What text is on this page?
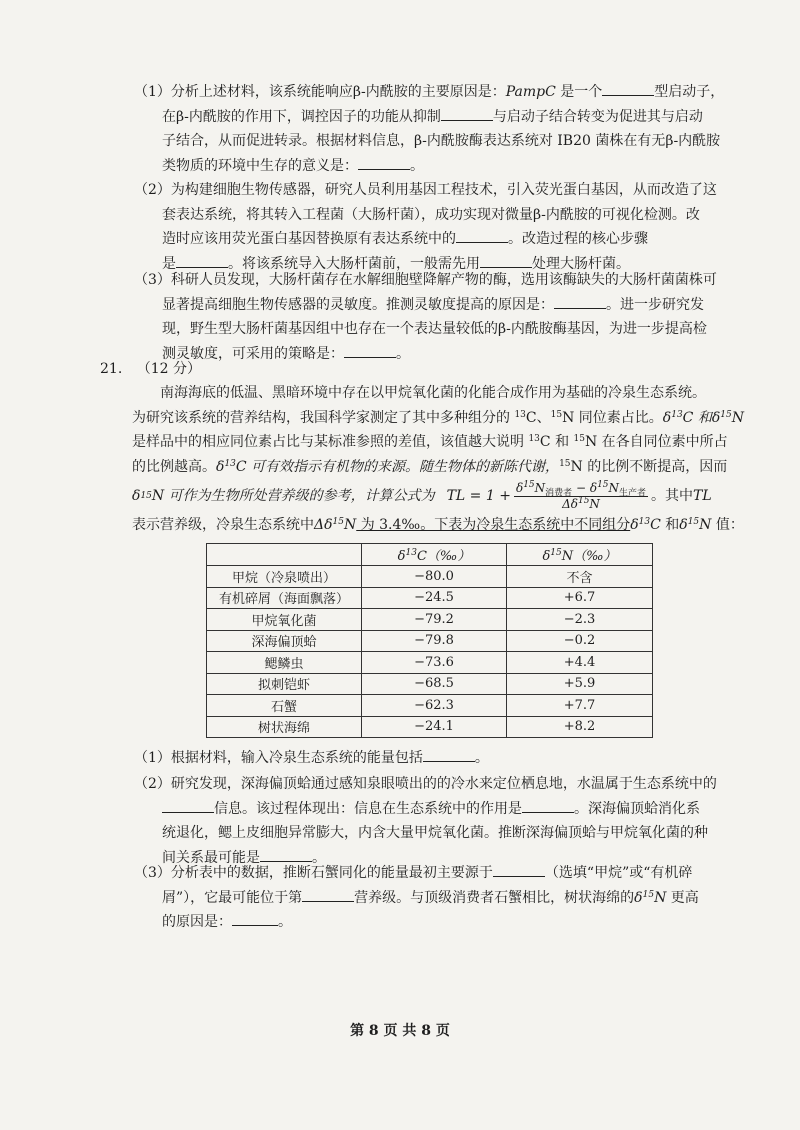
（1）分析上述材料，该系统能响应β-内酰胺的主要原因是：PampC 是一个	型启动子，
在β-内酰胺的作用下，调控因子的功能从抑制	与启动子结合转变为促进其与启动
子结合，从而促进转录。根据材料信息，β-内酰胺酶表达系统对 IB20 菌株在有无β-内酰胺
类物质的环境中生存的意义是：	。
（2）为构建细胞生物传感器，研究人员利用基因工程技术，引入荧光蛋白基因，从而改造了这
套表达系统，将其转入工程菌（大肠杆菌），成功实现对微量β-内酰胺的可视化检测。改
造时应该用荧光蛋白基因替换原有表达系统中的	。改造过程的核心步骤
是	。将该系统导入大肠杆菌前，一般需先用	处理大肠杆菌。
（3）科研人员发现，大肠杆菌存在水解细胞壁降解产物的酶，选用该酶缺失的大肠杆菌菌株可
显著提高细胞生物传感器的灵敏度。推测灵敏度提高的原因是：	。进一步研究发
现，野生型大肠杆菌基因组中也存在一个表达量较低的β-内酰胺酶基因，为进一步提高检
测灵敏度，可采用的策略是：	。
21. （12 分）
南海海底的低温、黑暗环境中存在以甲烷氧化菌的化能合成作用为基础的冷泉生态系统。
为研究该系统的营养结构，我国科学家测定了其中多种组分的 $^{13}$C、$^{15}$N 同位素占比。$\delta^{13}C$ 和$\delta^{15}N$
是样品中的相应同位素占比与某标准参照的差值，该值越大说明 $^{13}$C 和 $^{15}$N 在各自同位素中所占
的比例越高。$\delta^{13}C$ 可有效指示有机物的来源。随生物体的新陈代谢，$^{15}$N 的比例不断提高，因而
δ 15 N 可作为生物所处营养级的参考，计算公式为 TL = $1 + \frac{\delta^{15}N_{消费者} - \delta^{15}N_{生产者}}{\Delta\delta^{15}N}$ 。其中 TL
表示营养级，冷泉生态系统中$\Delta\delta^{15}N$ 为 3.4‰。下表为冷泉生态系统中不同组分$\delta^{13}C$ 和$\delta^{15}N$ 值：
	$\delta^{13}C(‰)$	$\delta^{15}N(‰)$
甲烷（冷泉喷出）	−80.0	不含
有机碎屑（海面飘落）	−24.5	+6.7
甲烷氧化菌	−79.2	−2.3
深海偏顶蛤	−79.8	−0.2
鳃鳞虫	−73.6	+4.4
拟刺铠虾	−68.5	+5.9
石蟹	−62.3	+7.7
树状海绵	−24.1	+8.2
（1）根据材料，输入冷泉生态系统的能量包括	。
（2）研究发现，深海偏顶蛤通过感知泉眼喷出的的冷水来定位栖息地，水温属于生态系统中的
信息。该过程体现出：信息在生态系统中的作用是	。深海偏顶蛤消化系
统退化，鳃上皮细胞异常膨大，内含大量甲烷氧化菌。推断深海偏顶蛤与甲烷氧化菌的种
间关系最可能是	。
（3）分析表中的数据，推断石蟹同化的能量最初主要源于	（选填“甲烷”或“有机碎
屑”），它最可能位于第	营养级。与顶级消费者石蟹相比，树状海绵的$\delta^{15}N$ 更高
的原因是：	。
第 8 页 共 8 页
